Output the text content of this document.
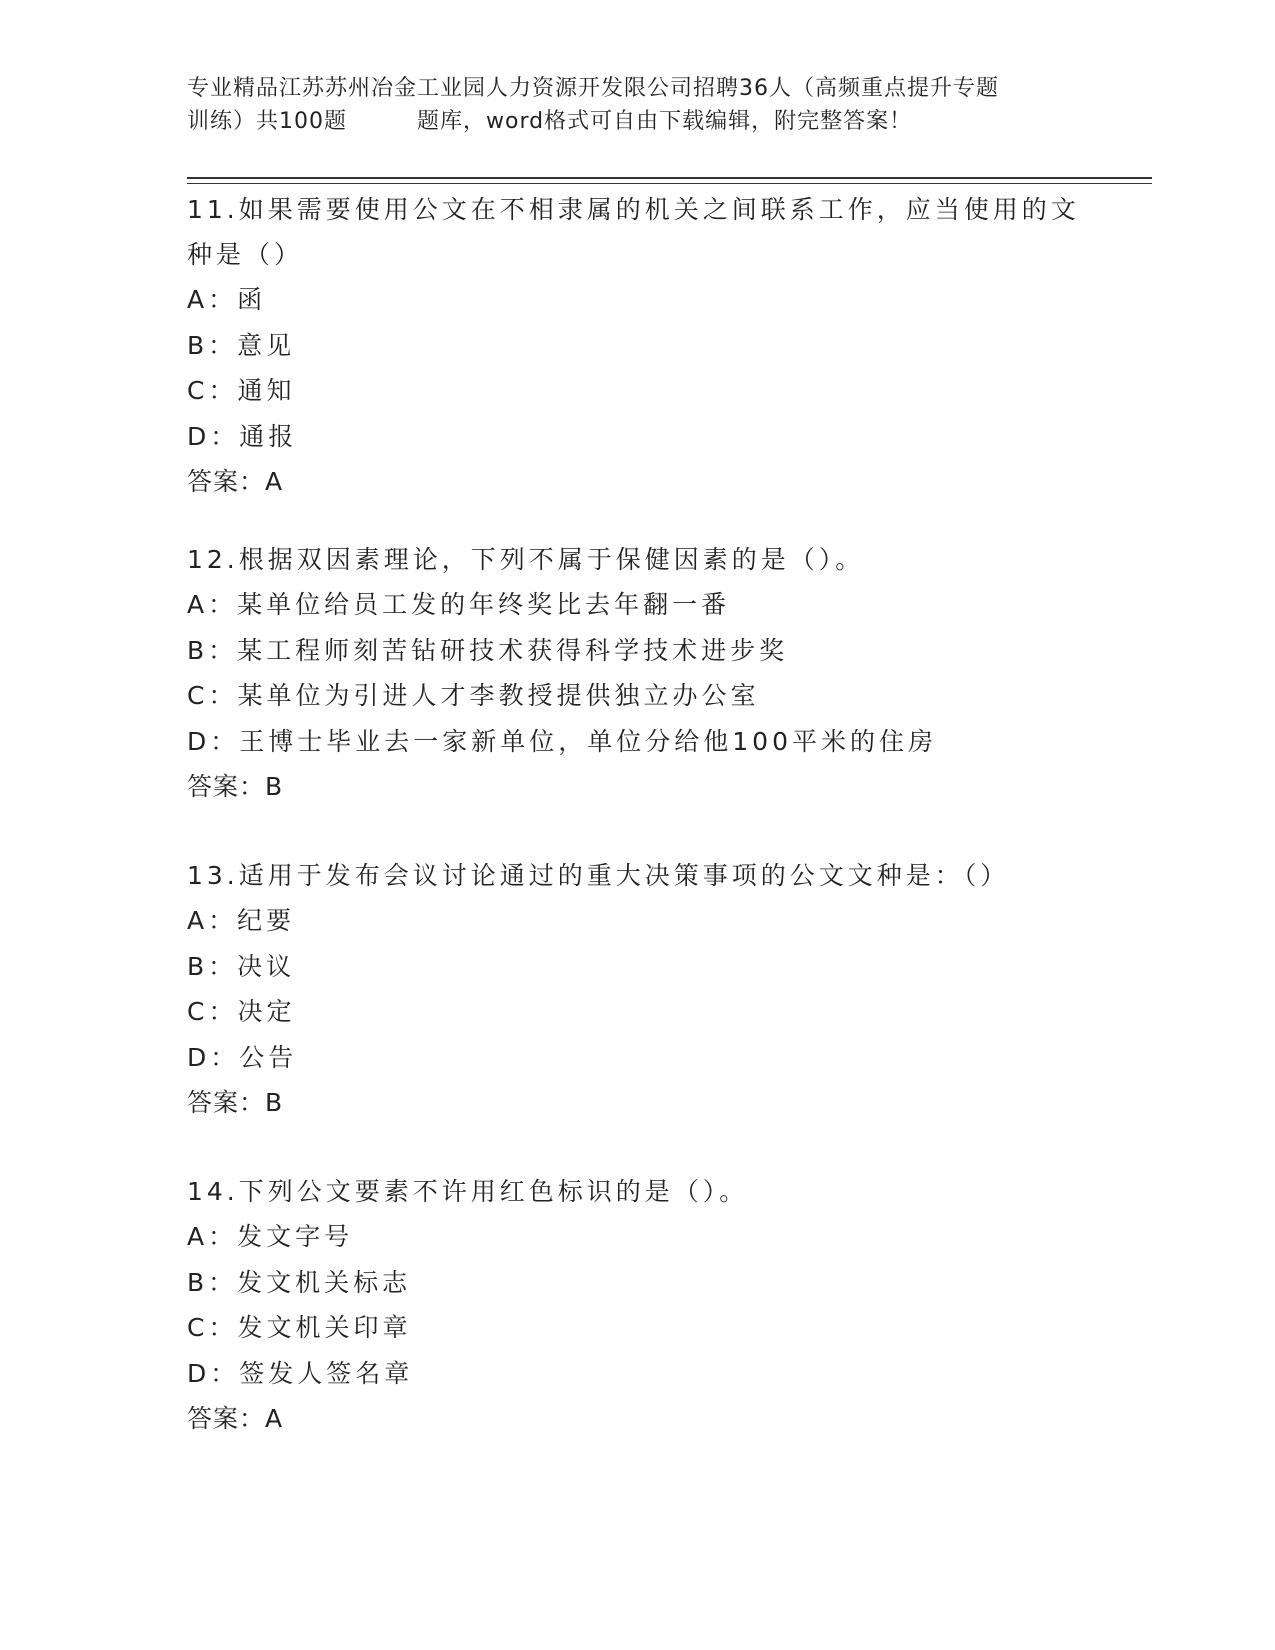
专业精品江苏苏州冶金工业园人力资源开发限公司招聘36人（高频重点提升专题
训练）共100题	题库，word格式可自由下载编辑，附完整答案！
11.如果需要使用公文在不相隶属的机关之间联系工作，应当使用的文
种是（）
A：函
B：意见
C：通知
D：通报
答案：A
12.根据双因素理论，下列不属于保健因素的是（）。
A：某单位给员工发的年终奖比去年翻一番
B：某工程师刻苦钻研技术获得科学技术进步奖
C：某单位为引进人才李教授提供独立办公室
D：王博士毕业去一家新单位，单位分给他100平米的住房
答案：B
13.适用于发布会议讨论通过的重大决策事项的公文文种是：（）
A：纪要
B：决议
C：决定
D：公告
答案：B
14.下列公文要素不许用红色标识的是（）。
A：发文字号
B：发文机关标志
C：发文机关印章
D：签发人签名章
答案：A
